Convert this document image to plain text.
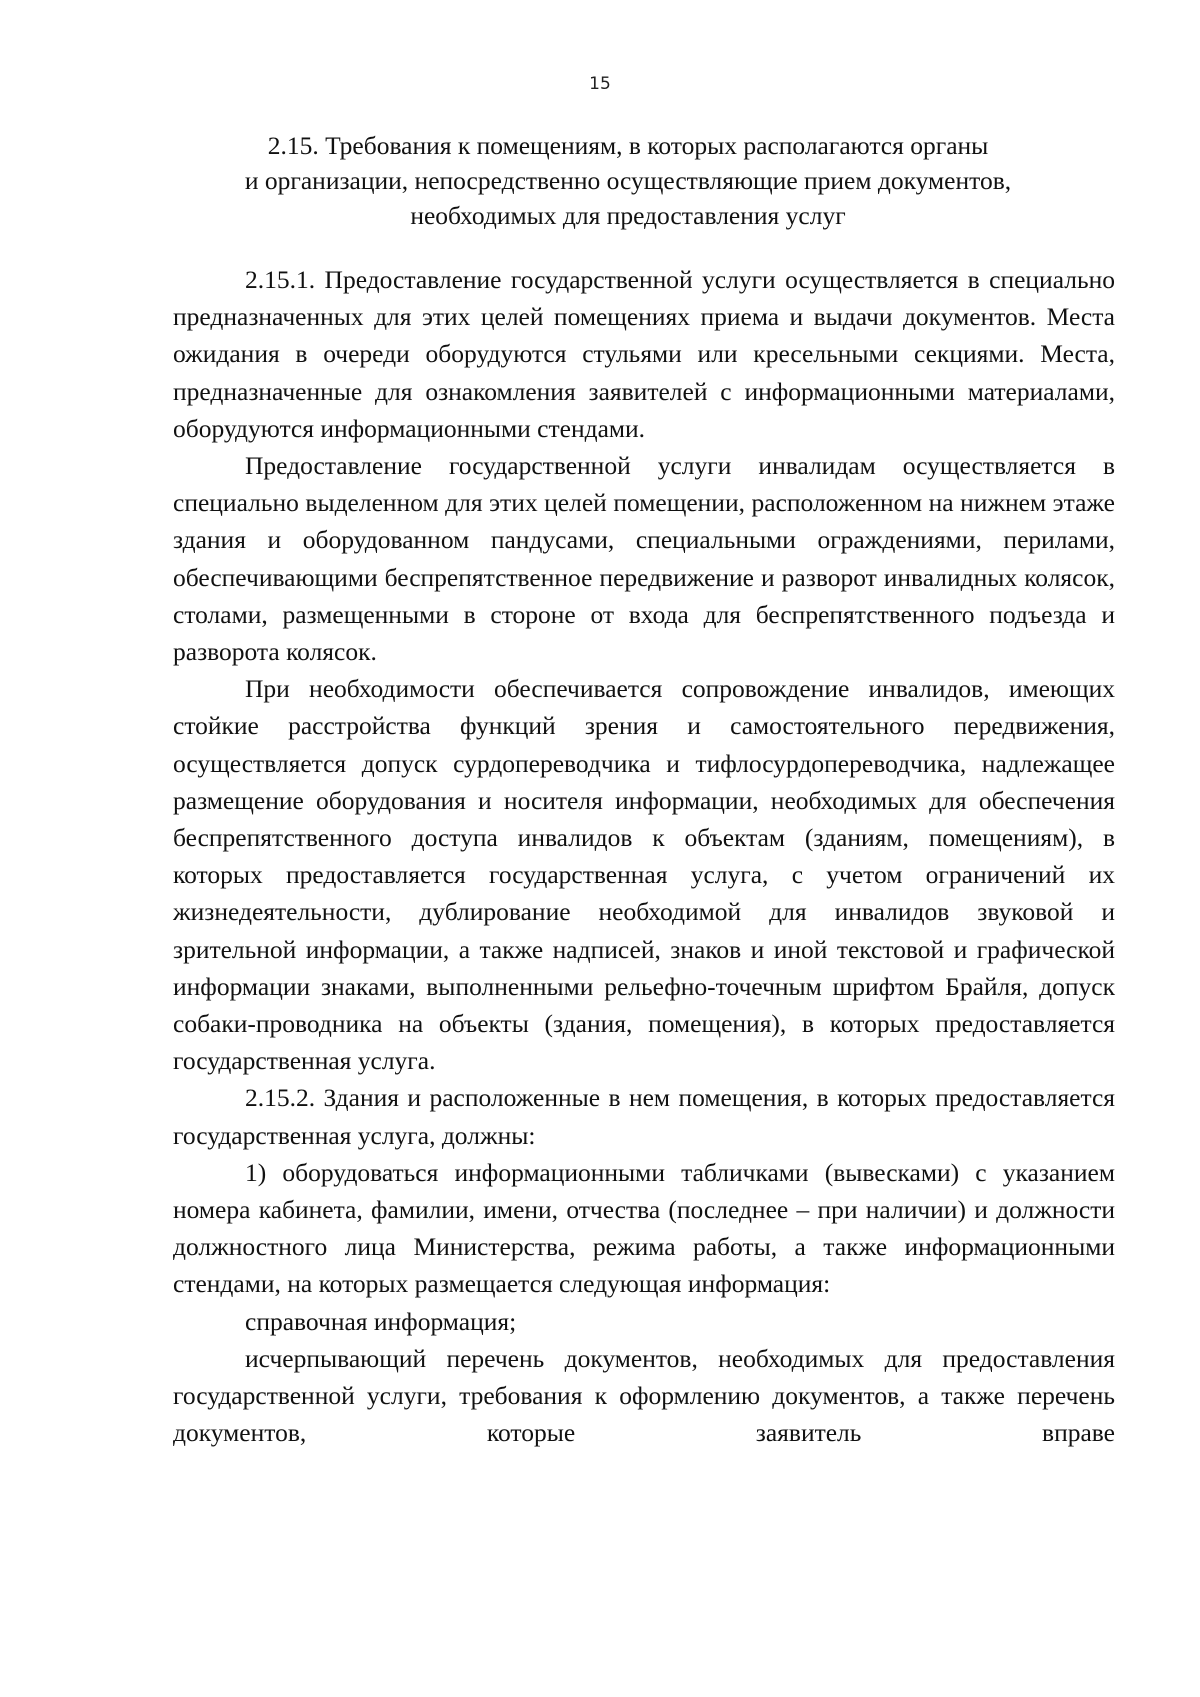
15
2.15. Требования к помещениям, в которых располагаются органы
и организации, непосредственно осуществляющие прием документов,
необходимых для предоставления услуг

2.15.1. Предоставление государственной услуги осуществляется в специально предназначенных для этих целей помещениях приема и выдачи документов. Места ожидания в очереди оборудуются стульями или кресельными секциями. Места, предназначенные для ознакомления заявителей с информационными материалами, оборудуются информационными стендами.

Предоставление государственной услуги инвалидам осуществляется в специально выделенном для этих целей помещении, расположенном на нижнем этаже здания и оборудованном пандусами, специальными ограждениями, перилами, обеспечивающими беспрепятственное передвижение и разворот инвалидных колясок, столами, размещенными в стороне от входа для беспрепятственного подъезда и разворота колясок.

При необходимости обеспечивается сопровождение инвалидов, имеющих стойкие расстройства функций зрения и самостоятельного передвижения, осуществляется допуск сурдопереводчика и тифлосурдопереводчика, надлежащее размещение оборудования и носителя информации, необходимых для обеспечения беспрепятственного доступа инвалидов к объектам (зданиям, помещениям), в которых предоставляется государственная услуга, с учетом ограничений их жизнедеятельности, дублирование необходимой для инвалидов звуковой и зрительной информации, а также надписей, знаков и иной текстовой и графической информации знаками, выполненными рельефно-точечным шрифтом Брайля, допуск собаки-проводника на объекты (здания, помещения), в которых предоставляется государственная услуга.

2.15.2. Здания и расположенные в нем помещения, в которых предоставляется государственная услуга, должны:

1) оборудоваться информационными табличками (вывесками) с указанием номера кабинета, фамилии, имени, отчества (последнее – при наличии) и должности должностного лица Министерства, режима работы, а также информационными стендами, на которых размещается следующая информация:

справочная информация;

исчерпывающий перечень документов, необходимых для предоставления государственной услуги, требования к оформлению документов, а также перечень документов, которые заявитель вправе
